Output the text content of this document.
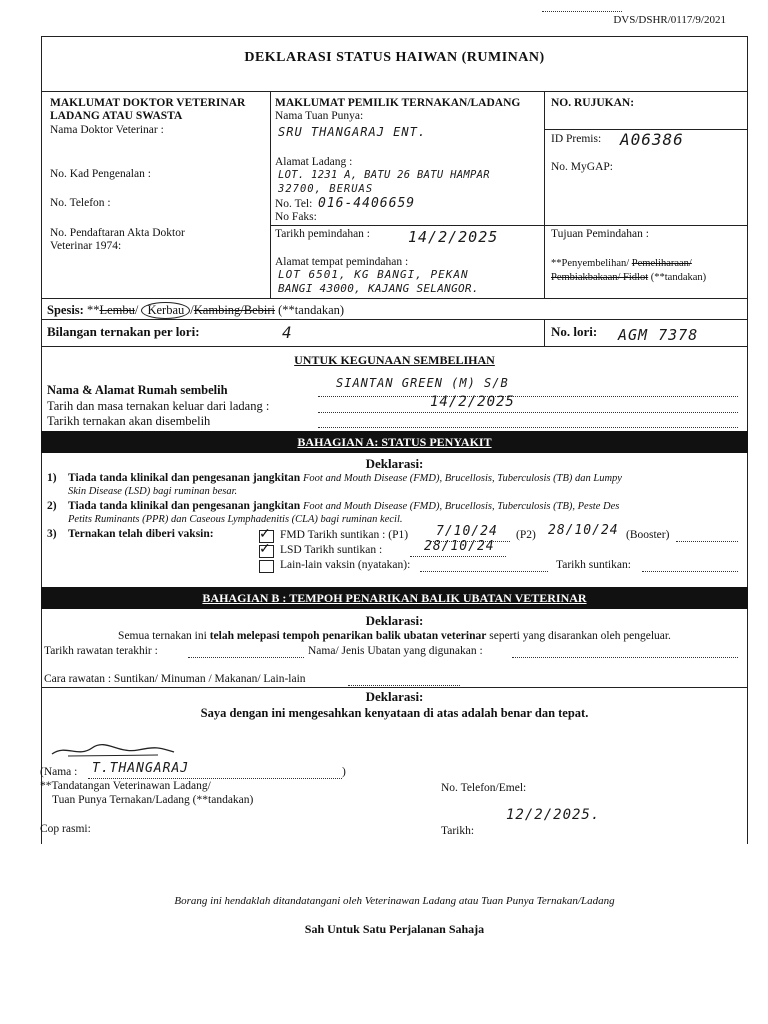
DVS/DSHR/0117/9/2021
DEKLARASI STATUS HAIWAN (RUMINAN)
MAKLUMAT DOKTOR VETERINAR
LADANG ATAU SWASTA
Nama Doktor Veterinar :
No. Kad Pengenalan :
No. Telefon :
No. Pendaftaran Akta Doktor
Veterinar 1974:
MAKLUMAT PEMILIK TERNAKAN/LADANG
Nama Tuan Punya:
SRU THANGARAJ ENT.
Alamat Ladang :
LOT. 1231 A, BATU 26 BATU HAMPAR
32700, BERUAS
No. Tel: 016-4406659
No Faks:
Tarikh pemindahan :	14/2/2025
Alamat tempat pemindahan :
LOT 6501, KG BANGI, PEKAN
BANGI 43000, KAJANG SELANGOR.
NO. RUJUKAN:
ID Premis: A06386
No. MyGAP:
Tujuan Pemindahan :
**Penyembelihan/ Pemeliharaan/
Pembiakbakaan/ Fidlot (**tandakan)
Spesis: **Lembu/ Kerbau /Kambing/Bebiri (**tandakan)
Bilangan ternakan per lori:	4	No. lori: AGM 7378
UNTUK KEGUNAAN SEMBELIHAN
Nama & Alamat Rumah sembelih	SIANTAN GREEN (M) S/B
Tarih dan masa ternakan keluar dari ladang :	14/2/2025
Tarikh ternakan akan disembelih
BAHAGIAN A: STATUS PENYAKIT
Deklarasi:
1) Tiada tanda klinikal dan pengesanan jangkitan Foot and Mouth Disease (FMD), Brucellosis, Tuberculosis (TB) dan Lumpy
Skin Disease (LSD) bagi ruminan besar.
2) Tiada tanda klinikal dan pengesanan jangkitan Foot and Mouth Disease (FMD), Brucellosis, Tuberculosis (TB), Peste Des
Petits Ruminants (PPR) dan Caseous Lymphadenitis (CLA) bagi ruminan kecil.
3) Ternakan telah diberi vaksin:	✓ FMD Tarikh suntikan : (P1) 7/10/24 (P2) 28/10/24 (Booster)
✓ LSD Tarikh suntikan :	28/10/24
Lain-lain vaksin (nyatakan):	Tarikh suntikan:
BAHAGIAN B : TEMPOH PENARIKAN BALIK UBATAN VETERINAR
Deklarasi:
Semua ternakan ini telah melepasi tempoh penarikan balik ubatan veterinar seperti yang disarankan oleh pengeluar.
Tarikh rawatan terakhir :	Nama/ Jenis Ubatan yang digunakan :
Cara rawatan : Suntikan/ Minuman / Makanan/ Lain-lain
Deklarasi:
Saya dengan ini mengesahkan kenyataan di atas adalah benar dan tepat.
(Nama :	)
T.THANGARAJ
**Tandatangan Veterinawan Ladang/
Tuan Punya Ternakan/Ladang (**tandakan)
No. Telefon/Emel:
Cop rasmi:	Tarikh:
12/2/2025.
Borang ini hendaklah ditandatangani oleh Veterinawan Ladang atau Tuan Punya Ternakan/Ladang
Sah Untuk Satu Perjalanan Sahaja
